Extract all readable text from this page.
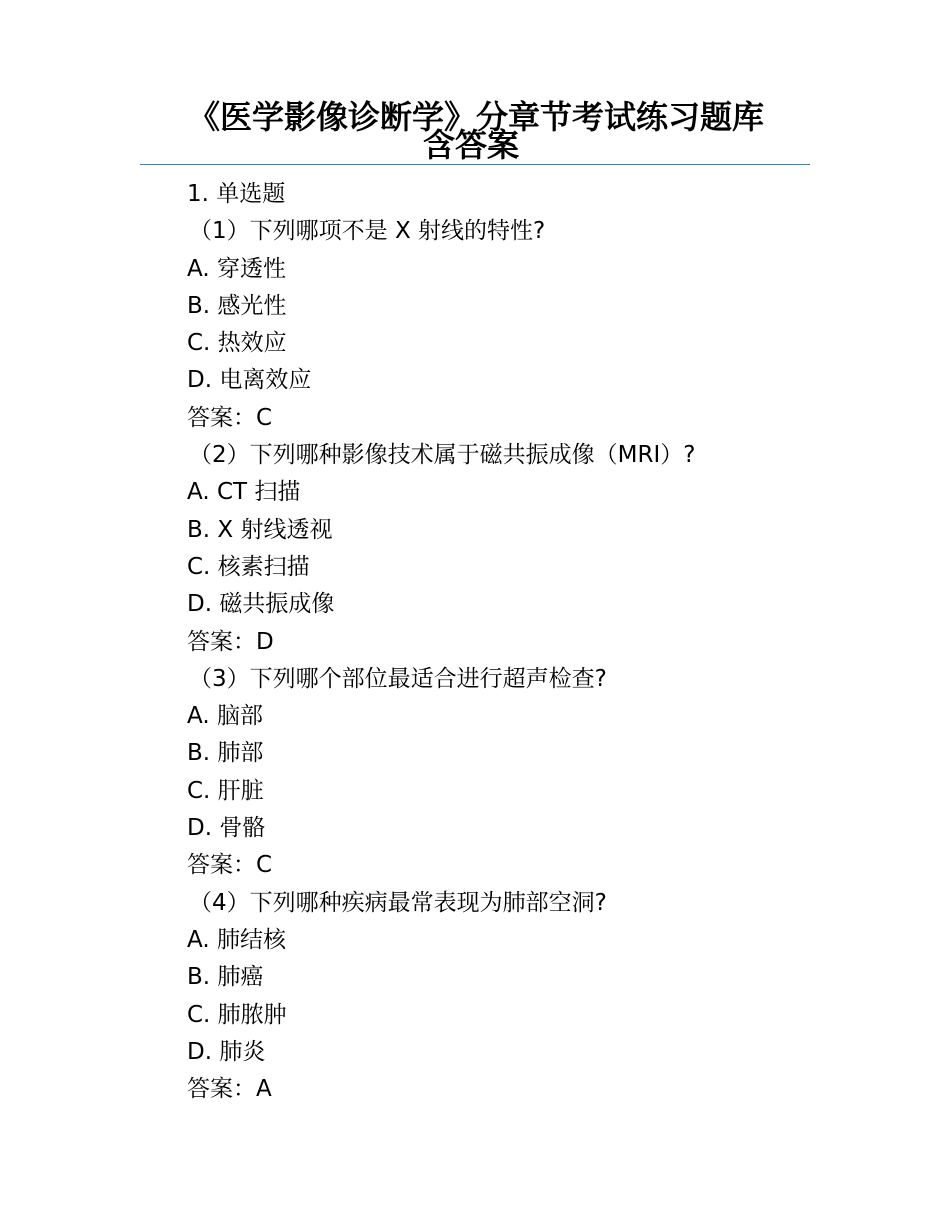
《医学影像诊断学》分章节考试练习题库
含答案
1. 单选题
（1）下列哪项不是 X 射线的特性?
A. 穿透性
B. 感光性
C. 热效应
D. 电离效应
答案：C
（2）下列哪种影像技术属于磁共振成像（MRI）?
A. CT 扫描
B. X 射线透视
C. 核素扫描
D. 磁共振成像
答案：D
（3）下列哪个部位最适合进行超声检查?
A. 脑部
B. 肺部
C. 肝脏
D. 骨骼
答案：C
（4）下列哪种疾病最常表现为肺部空洞?
A. 肺结核
B. 肺癌
C. 肺脓肿
D. 肺炎
答案：A
